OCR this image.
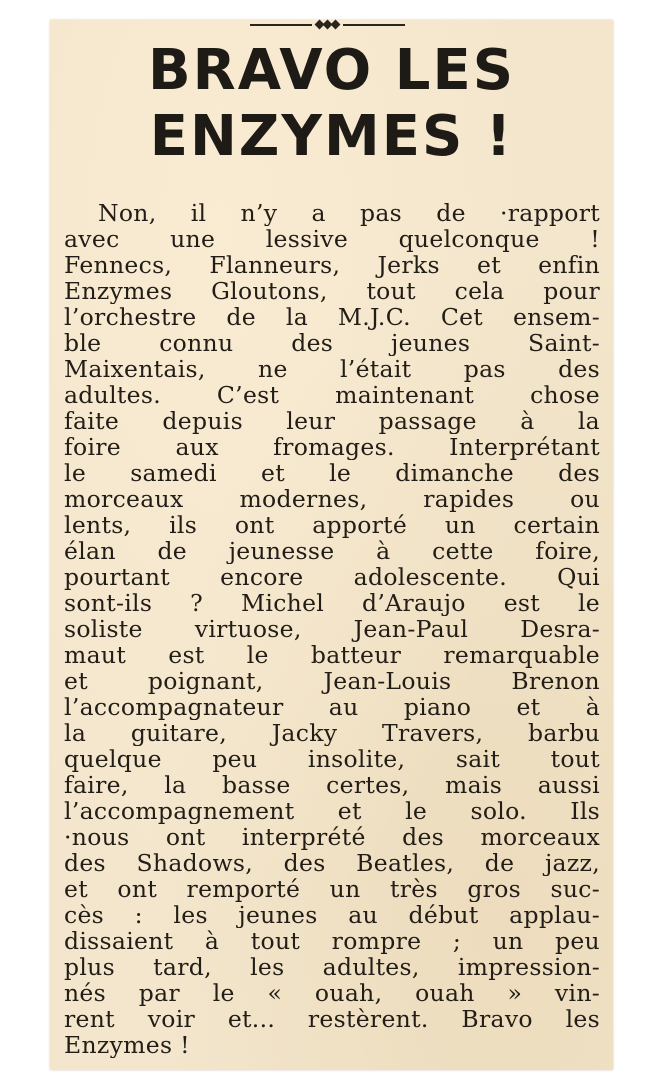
BRAVO LES
ENZYMES !
Non, il n’y a pas de ·rapport
avec une lessive quelconque !
Fennecs, Flanneurs, Jerks et enfin
Enzymes Gloutons, tout cela pour
l’orchestre de la M.J.C. Cet ensem-
ble connu des jeunes Saint-
Maixentais, ne l’était pas des
adultes. C’est maintenant chose
faite depuis leur passage à la
foire aux fromages. Interprétant
le samedi et le dimanche des
morceaux modernes, rapides ou
lents, ils ont apporté un certain
élan de jeunesse à cette foire,
pourtant encore adolescente. Qui
sont-ils ? Michel d’Araujo est le
soliste virtuose, Jean-Paul Desra-
maut est le batteur remarquable
et poignant, Jean-Louis Brenon
l’accompagnateur au piano et à
la guitare, Jacky Travers, barbu
quelque peu insolite, sait tout
faire, la basse certes, mais aussi
l’accompagnement et le solo. Ils
·nous ont interprété des morceaux
des Shadows, des Beatles, de jazz,
et ont remporté un très gros suc-
cès : les jeunes au début applau-
dissaient à tout rompre ; un peu
plus tard, les adultes, impression-
nés par le « ouah, ouah » vin-
rent voir et... restèrent. Bravo les
Enzymes !
